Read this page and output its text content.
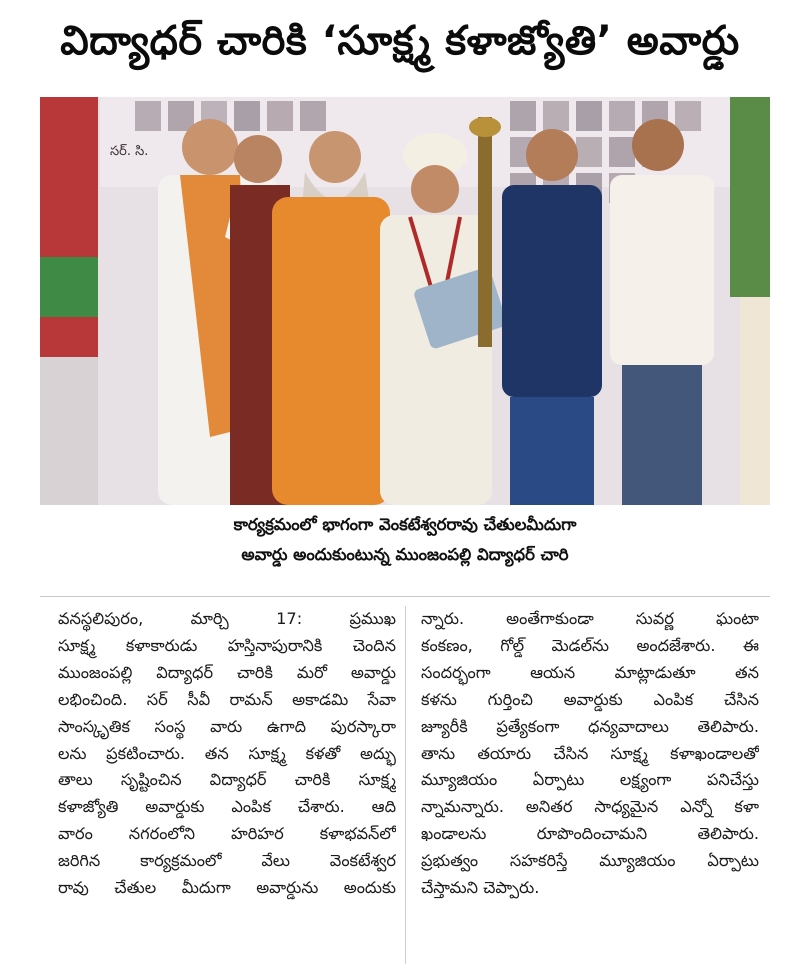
విద్యాధర్ చారికి ‘సూక్ష్మ కళాజ్యోతి’ అవార్డు
సర్. సి.
కార్యక్రమంలో భాగంగా వెంకటేశ్వరరావు చేతులమీదుగా
అవార్డు అందుకుంటున్న ముంజంపల్లి విద్యాధర్ చారి
వనస్థలిపురం, మార్చి 17: ప్రముఖ
సూక్ష్మ కళాకారుడు హస్తినాపురానికి చెందిన
ముంజంపల్లి విద్యాధర్ చారికి మరో అవార్డు
లభించింది. సర్ సీవీ రామన్ అకాడమి సేవా
సాంస్కృతిక సంస్థ వారు ఉగాది పురస్కారా
లను ప్రకటించారు. తన సూక్ష్మ కళతో అద్భు
తాలు సృష్టించిన విద్యాధర్ చారికి సూక్ష్మ
కళాజ్యోతి అవార్డుకు ఎంపిక చేశారు. ఆది
వారం నగరంలోని హరిహర కళాభవన్‌లో
జరిగిన కార్యక్రమంలో వేలు వెంకటేశ్వర
రావు చేతుల మీదుగా అవార్డును అందుకు
న్నారు. అంతేగాకుండా సువర్ణ ఘంటా
కంకణం, గోల్డ్ మెడల్‌ను అందజేశారు. ఈ
సందర్భంగా ఆయన మాట్లాడుతూ తన
కళను గుర్తించి అవార్డుకు ఎంపిక చేసిన
జ్యూరీకి ప్రత్యేకంగా ధన్యవాదాలు తెలిపారు.
తాను తయారు చేసిన సూక్ష్మ కళాఖండాలతో
మ్యూజియం ఏర్పాటు లక్ష్యంగా పనిచేస్తు
న్నామన్నారు. అనితర సాధ్యమైన ఎన్నో కళా
ఖండాలను రూపొందించామని తెలిపారు.
ప్రభుత్వం సహకరిస్తే మ్యూజియం ఏర్పాటు
చేస్తామని చెప్పారు.
